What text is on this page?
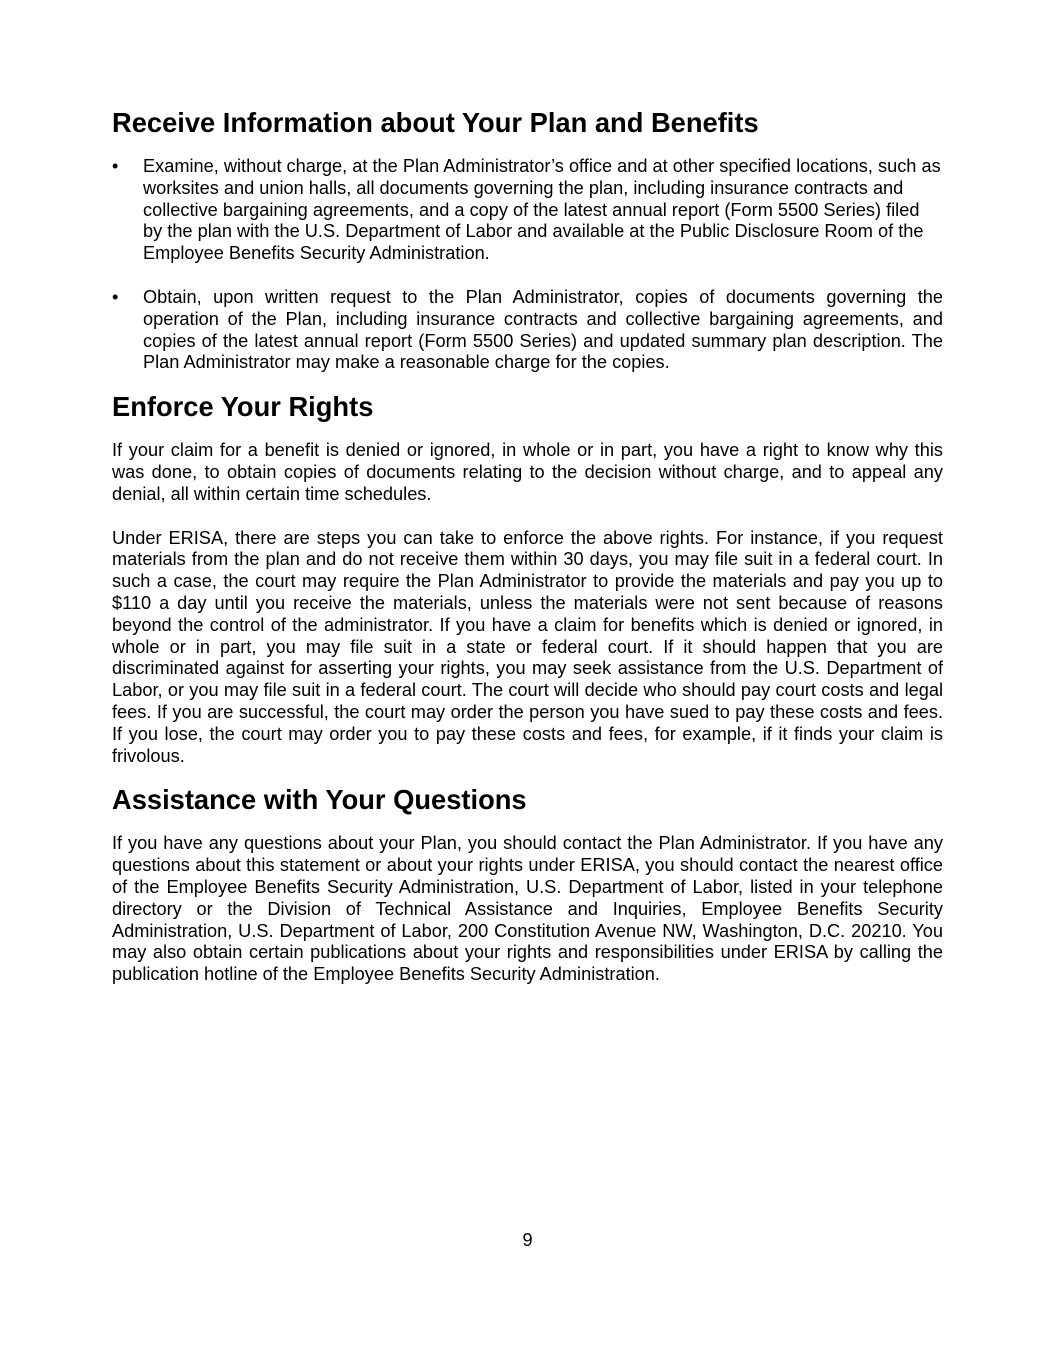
Receive Information about Your Plan and Benefits
• Examine, without charge, at the Plan Administrator’s office and at other specified locations, such as worksites and union halls, all documents governing the plan, including insurance contracts and collective bargaining agreements, and a copy of the latest annual report (Form 5500 Series) filed by the plan with the U.S. Department of Labor and available at the Public Disclosure Room of the Employee Benefits Security Administration.
• Obtain, upon written request to the Plan Administrator, copies of documents governing the operation of the Plan, including insurance contracts and collective bargaining agreements, and copies of the latest annual report (Form 5500 Series) and updated summary plan description. The Plan Administrator may make a reasonable charge for the copies.
Enforce Your Rights

If your claim for a benefit is denied or ignored, in whole or in part, you have a right to know why this was done, to obtain copies of documents relating to the decision without charge, and to appeal any denial, all within certain time schedules.

Under ERISA, there are steps you can take to enforce the above rights. For instance, if you request materials from the plan and do not receive them within 30 days, you may file suit in a federal court. In such a case, the court may require the Plan Administrator to provide the materials and pay you up to $110 a day until you receive the materials, unless the materials were not sent because of reasons beyond the control of the administrator. If you have a claim for benefits which is denied or ignored, in whole or in part, you may file suit in a state or federal court. If it should happen that you are discriminated against for asserting your rights, you may seek assistance from the U.S. Department of Labor, or you may file suit in a federal court. The court will decide who should pay court costs and legal fees. If you are successful, the court may order the person you have sued to pay these costs and fees. If you lose, the court may order you to pay these costs and fees, for example, if it finds your claim is frivolous.

Assistance with Your Questions

If you have any questions about your Plan, you should contact the Plan Administrator. If you have any questions about this statement or about your rights under ERISA, you should contact the nearest office of the Employee Benefits Security Administration, U.S. Department of Labor, listed in your telephone directory or the Division of Technical Assistance and Inquiries, Employee Benefits Security Administration, U.S. Department of Labor, 200 Constitution Avenue NW, Washington, D.C. 20210. You may also obtain certain publications about your rights and responsibilities under ERISA by calling the publication hotline of the Employee Benefits Security Administration.

9
